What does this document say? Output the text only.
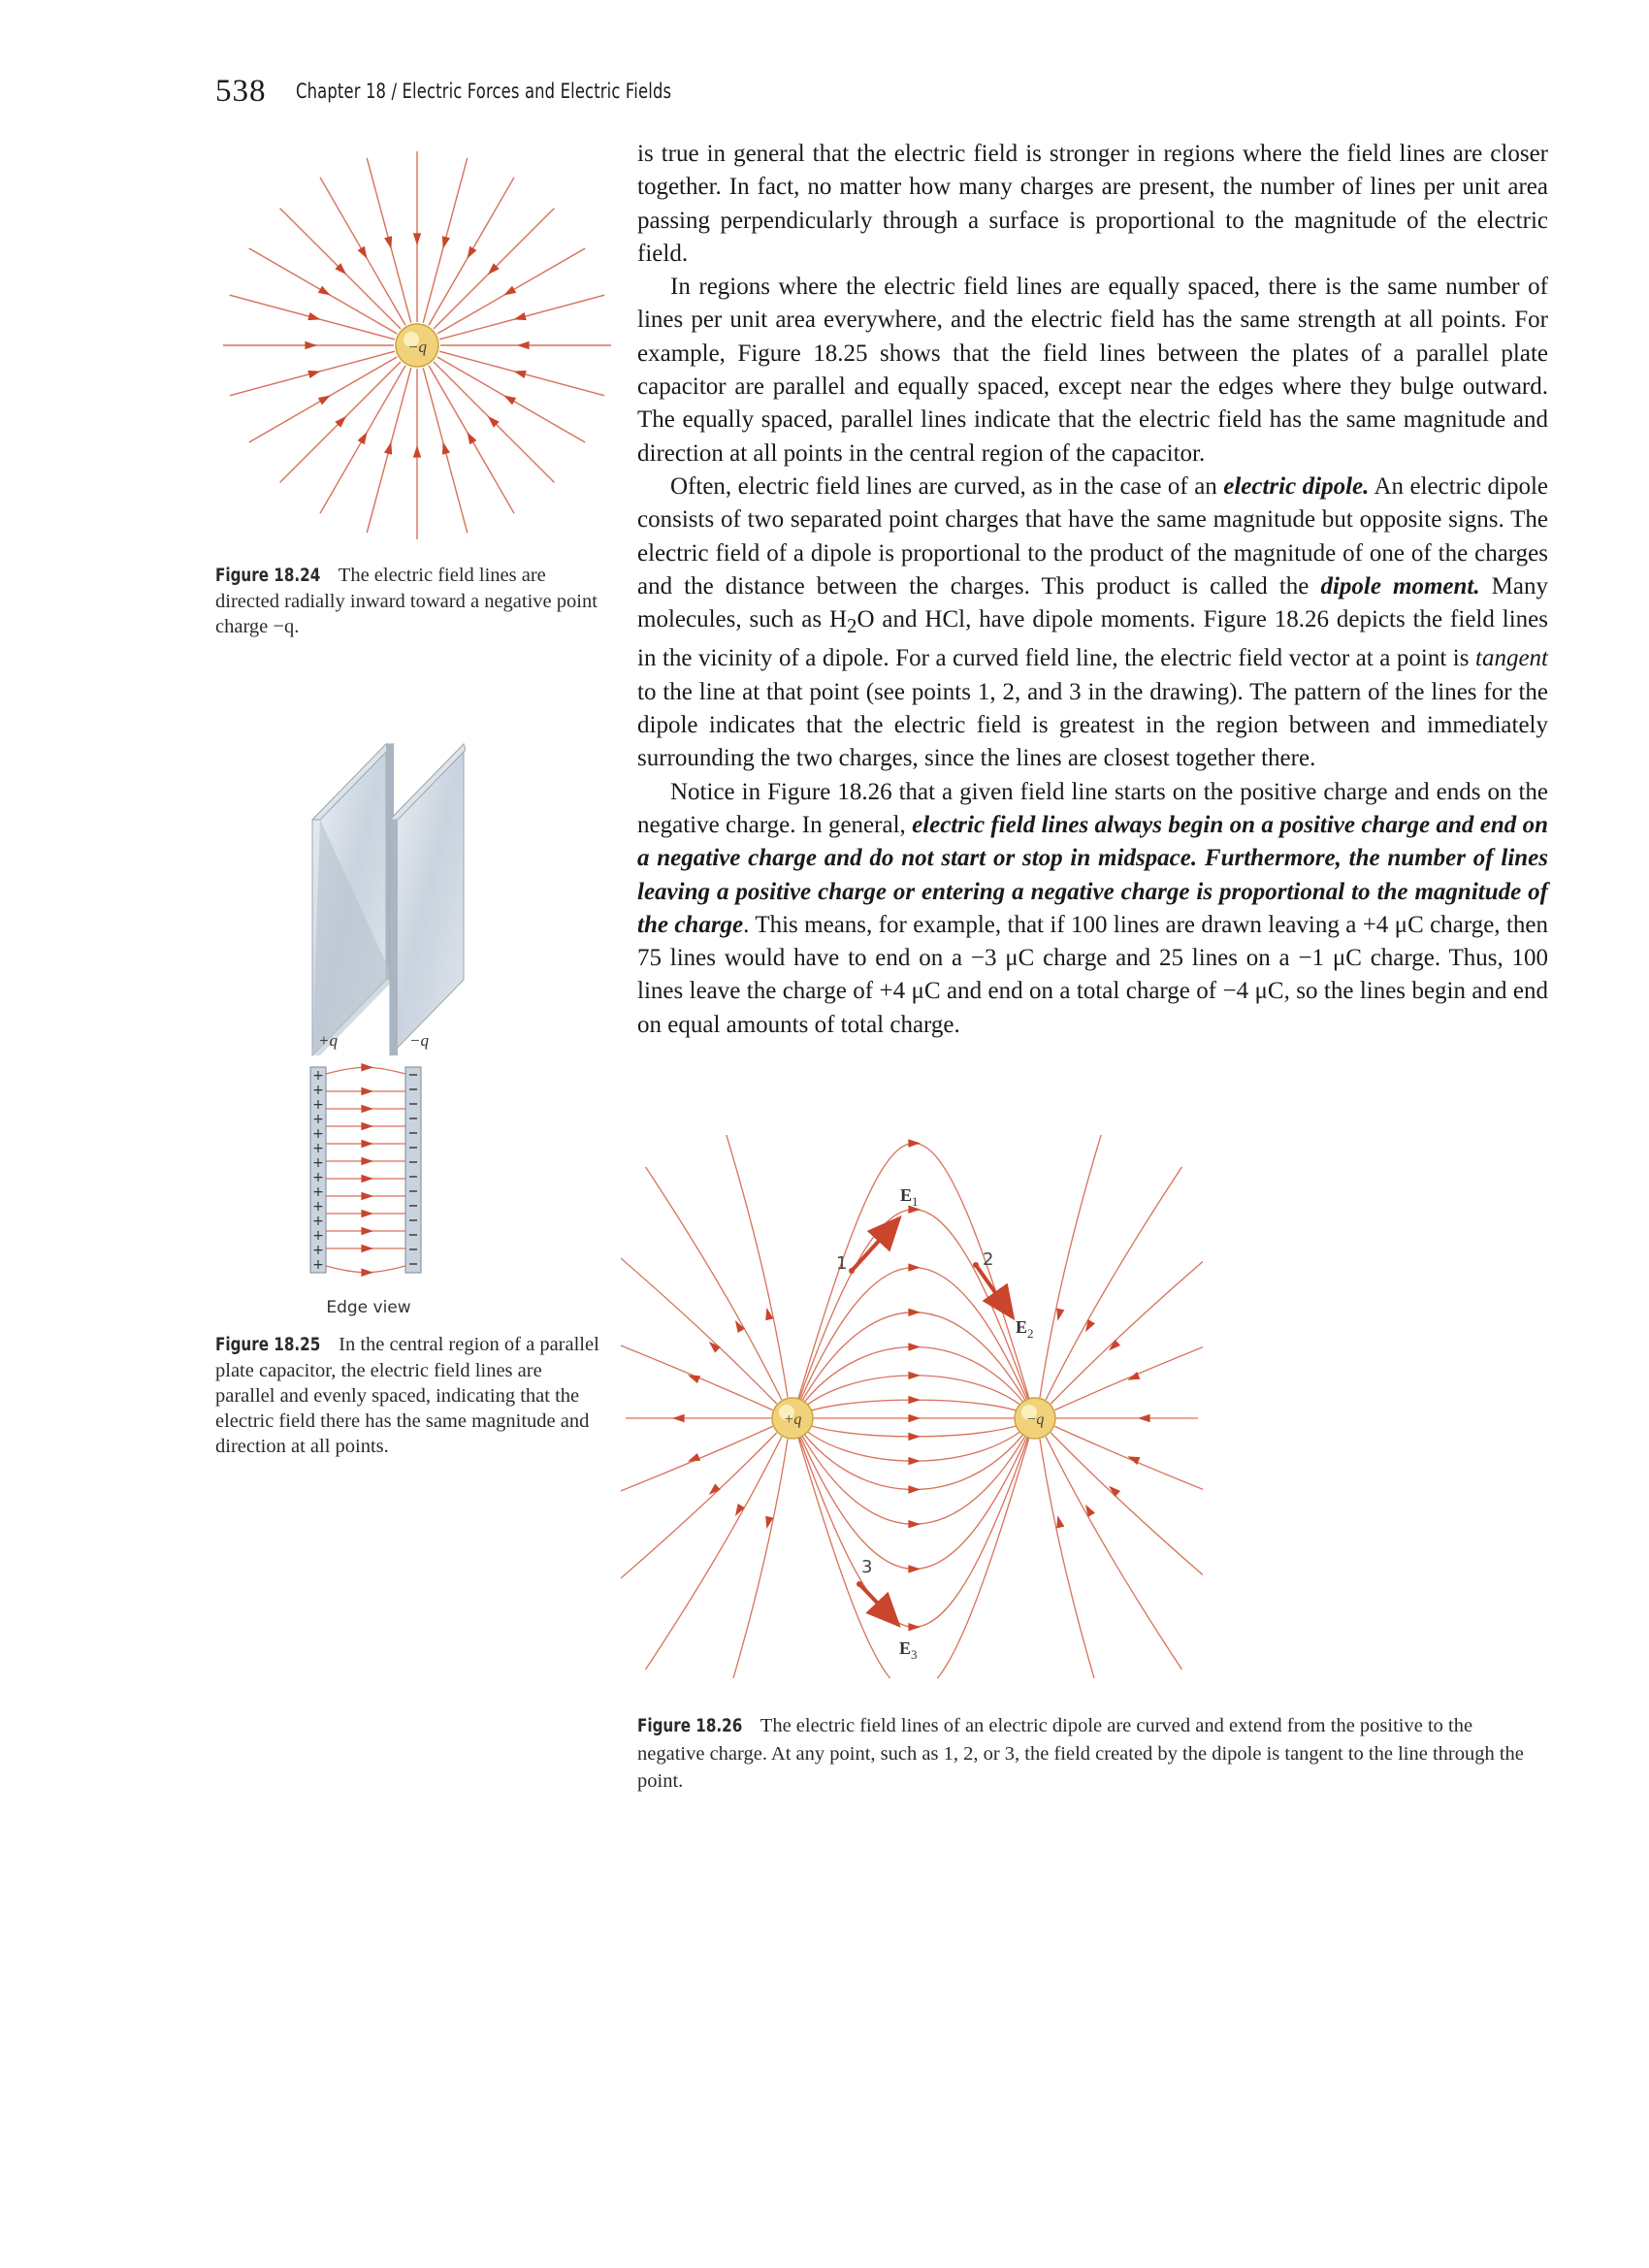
538 Chapter 18 / Electric Forces and Electric Fields

is true in general that the electric field is stronger in regions where the field lines are closer together. In fact, no matter how many charges are present, the number of lines per unit area passing perpendicularly through a surface is proportional to the magnitude of the electric field.

In regions where the electric field lines are equally spaced, there is the same number of lines per unit area everywhere, and the electric field has the same strength at all points. For example, Figure 18.25 shows that the field lines between the plates of a parallel plate capacitor are parallel and equally spaced, except near the edges where they bulge outward. The equally spaced, parallel lines indicate that the electric field has the same magnitude and direction at all points in the central region of the capacitor.

Often, electric field lines are curved, as in the case of an electric dipole. An electric dipole consists of two separated point charges that have the same magnitude but opposite signs. The electric field of a dipole is proportional to the product of the magnitude of one of the charges and the distance between the charges. This product is called the dipole moment. Many molecules, such as $H_2O$ and HCl, have dipole moments. Figure 18.26 depicts the field lines in the vicinity of a dipole. For a curved field line, the electric field vector at a point is tangent to the line at that point (see points 1, 2, and 3 in the drawing). The pattern of the lines for the dipole indicates that the electric field is greatest in the region between and immediately surrounding the two charges, since the lines are closest together there.

Notice in Figure 18.26 that a given field line starts on the positive charge and ends on the negative charge. In general, electric field lines always begin on a positive charge and end on a negative charge and do not start or stop in midspace. Furthermore, the number of lines leaving a positive charge or entering a negative charge is proportional to the magnitude of the charge. This means, for example, that if 100 lines are drawn leaving a +4 μC charge, then 75 lines would have to end on a −3 μC charge and 25 lines on a −1 μC charge. Thus, 100 lines leave the charge of +4 μC and end on a total charge of −4 μC, so the lines begin and end on equal amounts of total charge.

−q
Figure 18.24 The electric field lines are directed radially inward toward a negative point charge −q.
+q	−q
+
+
+
+
+
+
+
+
+
+
+
+
+
+
Edge view
Figure 18.25 In the central region of a parallel plate capacitor, the electric field lines are parallel and evenly spaced, indicating that the electric field there has the same magnitude and direction at all points.
1	2
3
$E_1$
$E_2$
$E_3$
+q	−q
Figure 18.26 The electric field lines of an electric dipole are curved and extend from the positive to the negative charge. At any point, such as 1, 2, or 3, the field created by the dipole is tangent to the line through the point.
